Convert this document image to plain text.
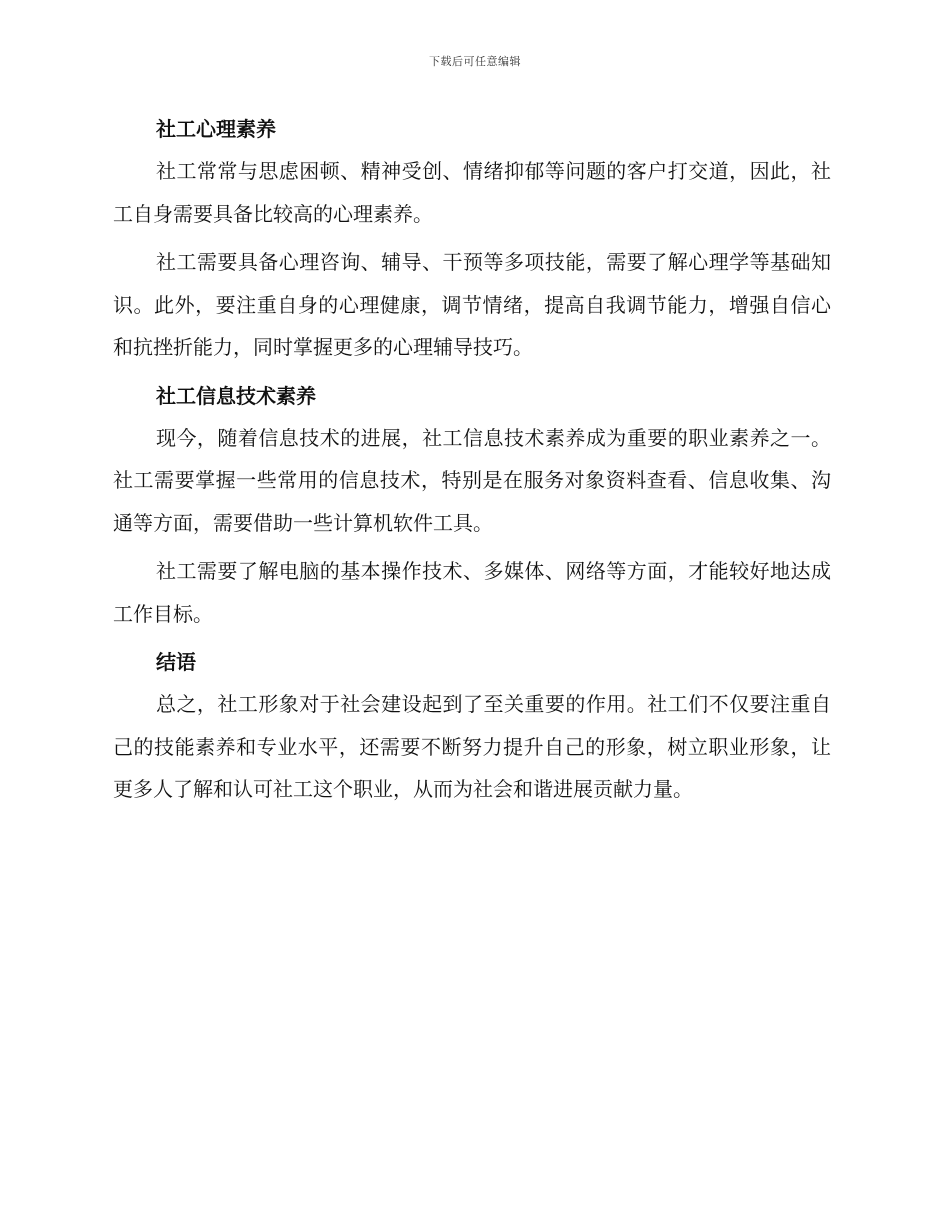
下载后可任意编辑
社工心理素养

社工常常与思虑困顿、精神受创、情绪抑郁等问题的客户打交道，因此，社工自身需要具备比较高的心理素养。

社工需要具备心理咨询、辅导、干预等多项技能，需要了解心理学等基础知识。此外，要注重自身的心理健康，调节情绪，提高自我调节能力，增强自信心和抗挫折能力，同时掌握更多的心理辅导技巧。

社工信息技术素养

现今，随着信息技术的进展，社工信息技术素养成为重要的职业素养之一。社工需要掌握一些常用的信息技术，特别是在服务对象资料查看、信息收集、沟通等方面，需要借助一些计算机软件工具。

社工需要了解电脑的基本操作技术、多媒体、网络等方面，才能较好地达成工作目标。

结语

总之，社工形象对于社会建设起到了至关重要的作用。社工们不仅要注重自己的技能素养和专业水平，还需要不断努力提升自己的形象，树立职业形象，让更多人了解和认可社工这个职业，从而为社会和谐进展贡献力量。
